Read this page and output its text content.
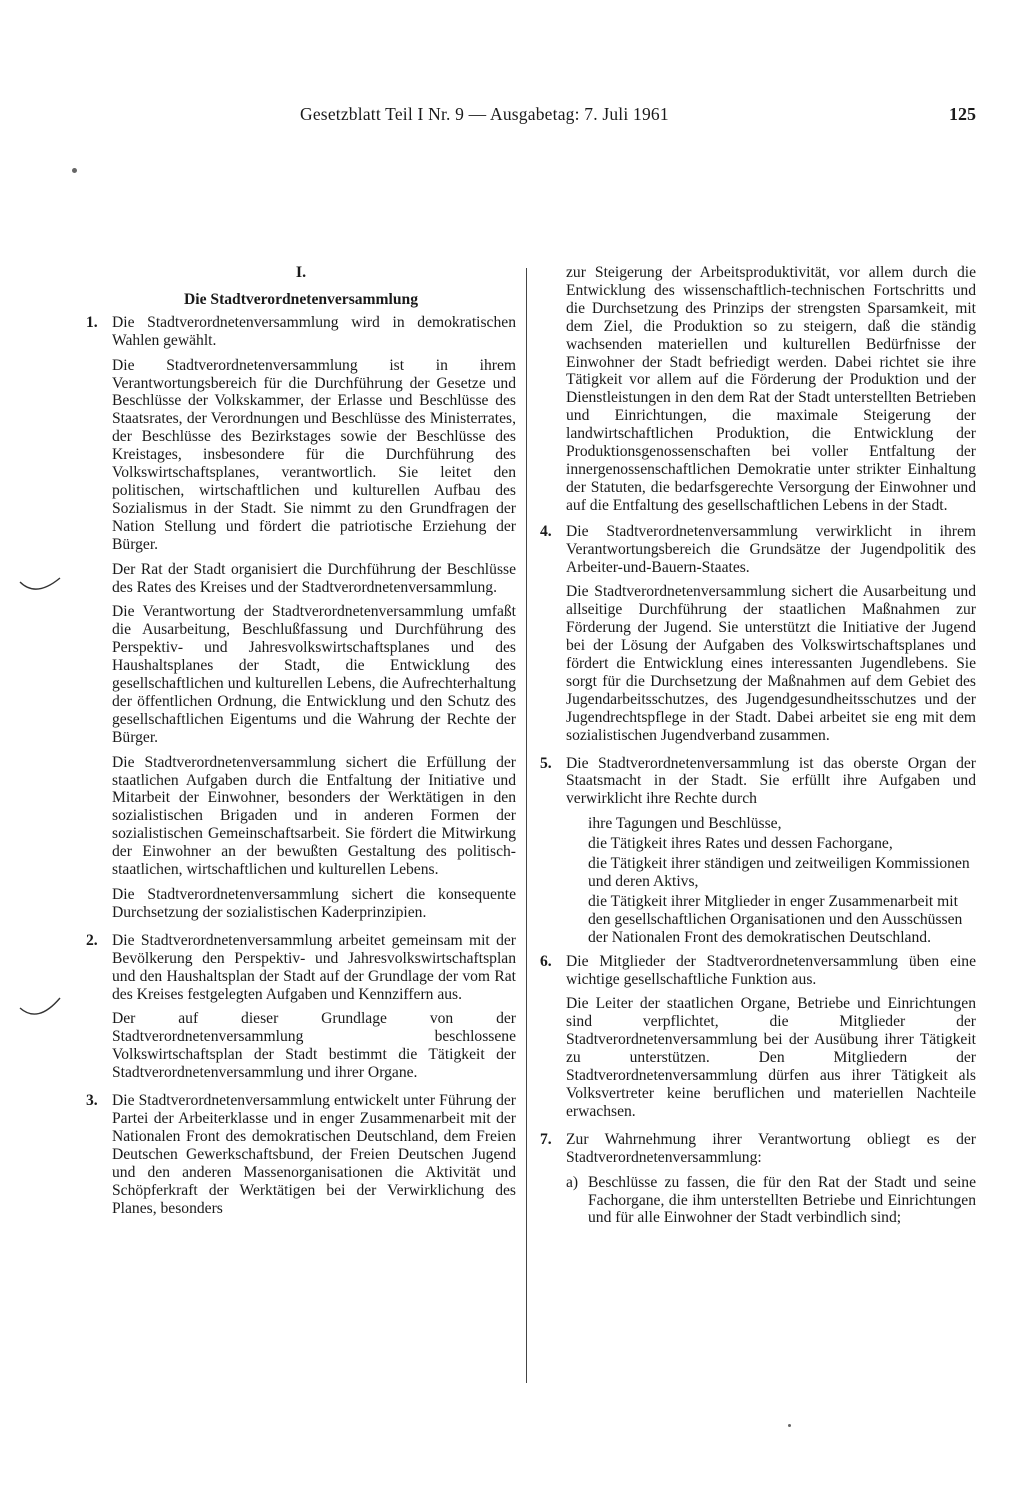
Gesetzblatt Teil I Nr. 9 — Ausgabetag: 7. Juli 1961	125
I.
Die Stadtverordnetenversammlung
1. Die Stadtverordnetenversammlung wird in demokratischen Wahlen gewählt.

Die Stadtverordnetenversammlung ist in ihrem Verantwortungsbereich für die Durchführung der Gesetze und Beschlüsse der Volkskammer, der Erlasse und Beschlüsse des Staatsrates, der Verordnungen und Beschlüsse des Ministerrates, der Beschlüsse des Bezirkstages sowie der Beschlüsse des Kreistages, insbesondere für die Durchführung des Volkswirtschaftsplanes, verantwortlich. Sie leitet den politischen, wirtschaftlichen und kulturellen Aufbau des Sozialismus in der Stadt. Sie nimmt zu den Grundfragen der Nation Stellung und fördert die patriotische Erziehung der Bürger.

Der Rat der Stadt organisiert die Durchführung der Beschlüsse des Rates des Kreises und der Stadtverordnetenversammlung.

Die Verantwortung der Stadtverordnetenversammlung umfaßt die Ausarbeitung, Beschlußfassung und Durchführung des Perspektiv- und Jahresvolkswirtschaftsplanes und des Haushaltsplanes der Stadt, die Entwicklung des gesellschaftlichen und kulturellen Lebens, die Aufrechterhaltung der öffentlichen Ordnung, die Entwicklung und den Schutz des gesellschaftlichen Eigentums und die Wahrung der Rechte der Bürger.

Die Stadtverordnetenversammlung sichert die Erfüllung der staatlichen Aufgaben durch die Entfaltung der Initiative und Mitarbeit der Einwohner, besonders der Werktätigen in den sozialistischen Brigaden und in anderen Formen der sozialistischen Gemeinschaftsarbeit. Sie fördert die Mitwirkung der Einwohner an der bewußten Gestaltung des politisch-staatlichen, wirtschaftlichen und kulturellen Lebens.

Die Stadtverordnetenversammlung sichert die konsequente Durchsetzung der sozialistischen Kaderprinzipien.

2. Die Stadtverordnetenversammlung arbeitet gemeinsam mit der Bevölkerung den Perspektiv- und Jahresvolkswirtschaftsplan und den Haushaltsplan der Stadt auf der Grundlage der vom Rat des Kreises festgelegten Aufgaben und Kennziffern aus.

Der auf dieser Grundlage von der Stadtverordnetenversammlung beschlossene Volkswirtschaftsplan der Stadt bestimmt die Tätigkeit der Stadtverordnetenversammlung und ihrer Organe.

3. Die Stadtverordnetenversammlung entwickelt unter Führung der Partei der Arbeiterklasse und in enger Zusammenarbeit mit der Nationalen Front des demokratischen Deutschland, dem Freien Deutschen Gewerkschaftsbund, der Freien Deutschen Jugend und den anderen Massenorganisationen die Aktivität und Schöpferkraft der Werktätigen bei der Verwirklichung des Planes, besonders

zur Steigerung der Arbeitsproduktivität, vor allem durch die Entwicklung des wissenschaftlich-technischen Fortschritts und die Durchsetzung des Prinzips der strengsten Sparsamkeit, mit dem Ziel, die Produktion so zu steigern, daß die ständig wachsenden materiellen und kulturellen Bedürfnisse der Einwohner der Stadt befriedigt werden. Dabei richtet sie ihre Tätigkeit vor allem auf die Förderung der Produktion und der Dienstleistungen in den dem Rat der Stadt unterstellten Betrieben und Einrichtungen, die maximale Steigerung der landwirtschaftlichen Produktion, die Entwicklung der Produktionsgenossenschaften bei voller Entfaltung der innergenossenschaftlichen Demokratie unter strikter Einhaltung der Statuten, die bedarfsgerechte Versorgung der Einwohner und auf die Entfaltung des gesellschaftlichen Lebens in der Stadt.

4. Die Stadtverordnetenversammlung verwirklicht in ihrem Verantwortungsbereich die Grundsätze der Jugendpolitik des Arbeiter-und-Bauern-Staates.

Die Stadtverordnetenversammlung sichert die Ausarbeitung und allseitige Durchführung der staatlichen Maßnahmen zur Förderung der Jugend. Sie unterstützt die Initiative der Jugend bei der Lösung der Aufgaben des Volkswirtschaftsplanes und fördert die Entwicklung eines interessanten Jugendlebens. Sie sorgt für die Durchsetzung der Maßnahmen auf dem Gebiet des Jugendarbeitsschutzes, des Jugendgesundheitsschutzes und der Jugendrechtspflege in der Stadt. Dabei arbeitet sie eng mit dem sozialistischen Jugendverband zusammen.

5. Die Stadtverordnetenversammlung ist das oberste Organ der Staatsmacht in der Stadt. Sie erfüllt ihre Aufgaben und verwirklicht ihre Rechte durch

ihre Tagungen und Beschlüsse,
die Tätigkeit ihres Rates und dessen Fachorgane,
die Tätigkeit ihrer ständigen und zeitweiligen Kommissionen und deren Aktivs,
die Tätigkeit ihrer Mitglieder in enger Zusammenarbeit mit den gesellschaftlichen Organisationen und den Ausschüssen der Nationalen Front des demokratischen Deutschland.
6. Die Mitglieder der Stadtverordnetenversammlung üben eine wichtige gesellschaftliche Funktion aus.

Die Leiter der staatlichen Organe, Betriebe und Einrichtungen sind verpflichtet, die Mitglieder der Stadtverordnetenversammlung bei der Ausübung ihrer Tätigkeit zu unterstützen. Den Mitgliedern der Stadtverordnetenversammlung dürfen aus ihrer Tätigkeit als Volksvertreter keine beruflichen und materiellen Nachteile erwachsen.

7. Zur Wahrnehmung ihrer Verantwortung obliegt es der Stadtverordnetenversammlung:

a) Beschlüsse zu fassen, die für den Rat der Stadt und seine Fachorgane, die ihm unterstellten Betriebe und Einrichtungen und für alle Einwohner der Stadt verbindlich sind;
